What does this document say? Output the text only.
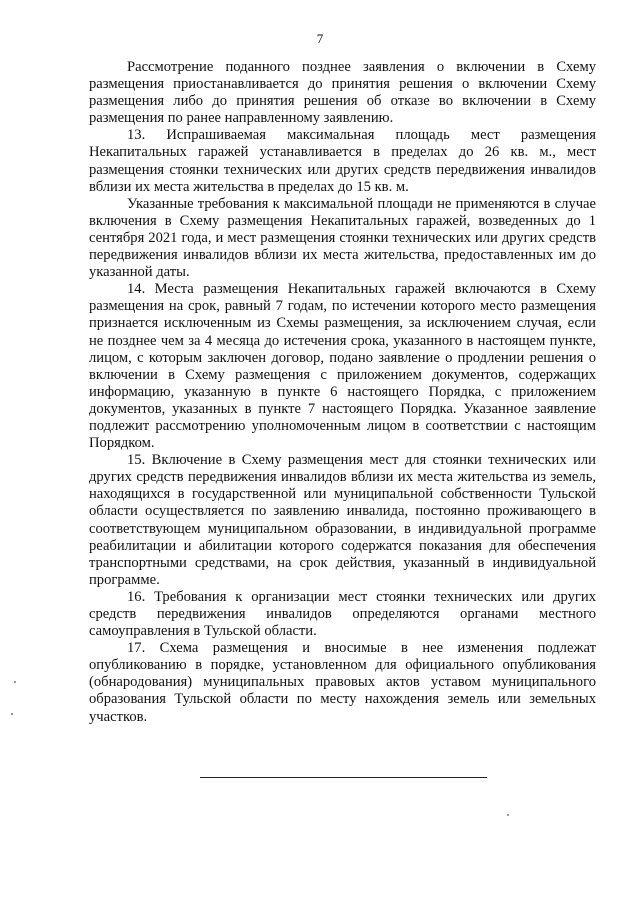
7

Рассмотрение поданного позднее заявления о включении в Схему размещения приостанавливается до принятия решения о включении Схему размещения либо до принятия решения об отказе во включении в Схему размещения по ранее направленному заявлению.

13. Испрашиваемая максимальная площадь мест размещения Некапитальных гаражей устанавливается в пределах до 26 кв. м., мест размещения стоянки технических или других средств передвижения инвалидов вблизи их места жительства в пределах до 15 кв. м.

Указанные требования к максимальной площади не применяются в случае включения в Схему размещения Некапитальных гаражей, возведенных до 1 сентября 2021 года, и мест размещения стоянки технических или других средств передвижения инвалидов вблизи их места жительства, предоставленных им до указанной даты.

14. Места размещения Некапитальных гаражей включаются в Схему размещения на срок, равный 7 годам, по истечении которого место размещения признается исключенным из Схемы размещения, за исключением случая, если не позднее чем за 4 месяца до истечения срока, указанного в настоящем пункте, лицом, с которым заключен договор, подано заявление о продлении решения о включении в Схему размещения с приложением документов, содержащих информацию, указанную в пункте 6 настоящего Порядка, с приложением документов, указанных в пункте 7 настоящего Порядка. Указанное заявление подлежит рассмотрению уполномоченным лицом в соответствии с настоящим Порядком.

15. Включение в Схему размещения мест для стоянки технических или других средств передвижения инвалидов вблизи их места жительства из земель, находящихся в государственной или муниципальной собственности Тульской области осуществляется по заявлению инвалида, постоянно проживающего в соответствующем муниципальном образовании, в индивидуальной программе реабилитации и абилитации которого содержатся показания для обеспечения транспортными средствами, на срок действия, указанный в индивидуальной программе.

16. Требования к организации мест стоянки технических или других средств передвижения инвалидов определяются органами местного самоуправления в Тульской области.

17. Схема размещения и вносимые в нее изменения подлежат опубликованию в порядке, установленном для официального опубликования (обнародования) муниципальных правовых актов уставом муниципального образования Тульской области по месту нахождения земель или земельных участков.
